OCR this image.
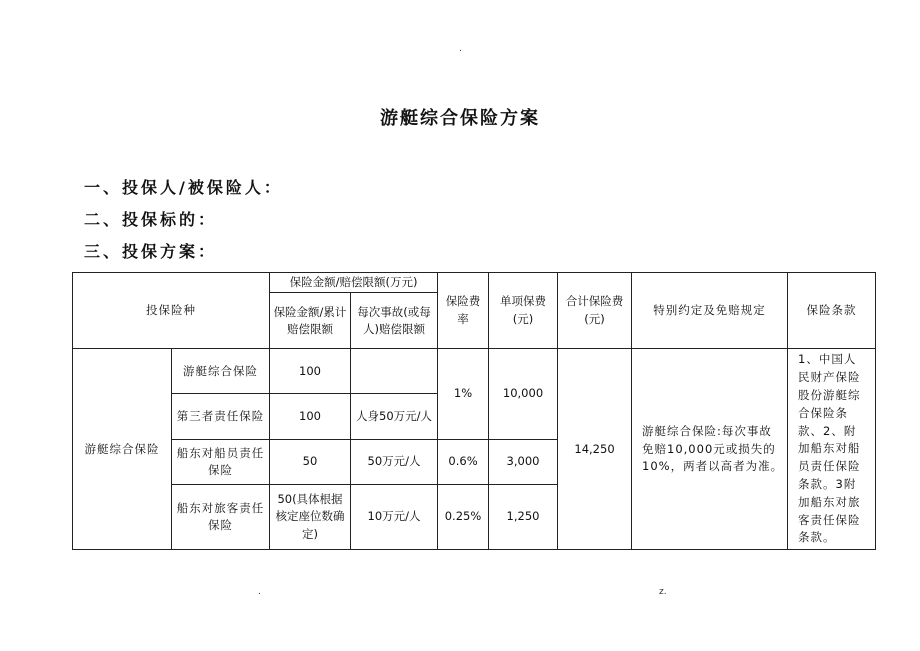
.
游艇综合保险方案
一、投保人/被保险人：
二、投保标的：
三、投保方案：
投保险种		保险金额/赔偿限额(万元)		保险费率	单项保费(元)	合计保险费(元)	特别约定及免赔规定	保险条款
		保险金额/累计赔偿限额	每次事故(或每人)赔偿限额					
游艇综合保险	游艇综合保险	100		1%	10,000	14,250	游艇综合保险:每次事故免赔10,000元或损失的10%，两者以高者为准。	1、中国人民财产保险股份游艇综合保险条款、2、附加船东对船员责任保险条款。3附加船东对旅客责任保险条款。
	第三者责任保险	100	人身50万元/人					
	船东对船员责任保险	50	50万元/人	0.6%	3,000			
	船东对旅客责任保险	50(具体根据核定座位数确定)	10万元/人	0.25%	1,250			
.	z.
